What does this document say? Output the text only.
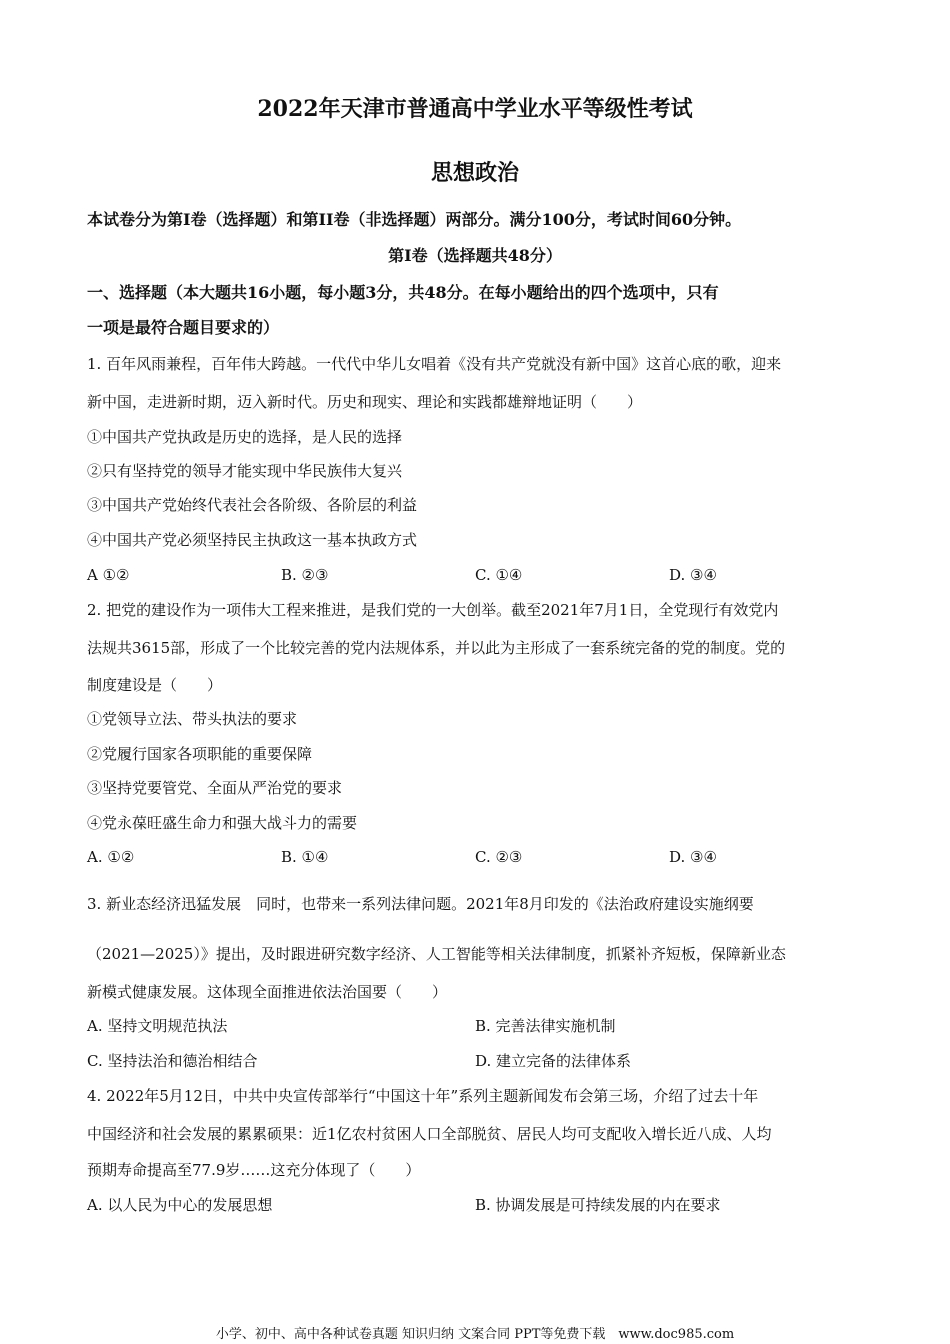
2022年天津市普通高中学业水平等级性考试
思想政治
本试卷分为第Ⅰ卷（选择题）和第II卷（非选择题）两部分。满分100分，考试时间60分钟。
第Ⅰ卷（选择题共48分）
一、选择题（本大题共16小题，每小题3分，共48分。在每小题给出的四个选项中，只有
一项是最符合题目要求的）
1. 百年风雨兼程，百年伟大跨越。一代代中华儿女唱着《没有共产党就没有新中国》这首心底的歌，迎来
新中国，走进新时期，迈入新时代。历史和现实、理论和实践都雄辩地证明（　　）
①中国共产党执政是历史的选择，是人民的选择
②只有坚持党的领导才能实现中华民族伟大复兴
③中国共产党始终代表社会各阶级、各阶层的利益
④中国共产党必须坚持民主执政这一基本执政方式
A ①②	B. ②③	C. ①④	D. ③④
2. 把党的建设作为一项伟大工程来推进，是我们党的一大创举。截至2021年7月1日，全党现行有效党内
法规共3615部，形成了一个比较完善的党内法规体系，并以此为主形成了一套系统完备的党的制度。党的
制度建设是（　　）
①党领导立法、带头执法的要求
②党履行国家各项职能的重要保障
③坚持党要管党、全面从严治党的要求
④党永葆旺盛生命力和强大战斗力的需要
A. ①②	B. ①④	C. ②③	D. ③④
3. 新业态经济迅猛发展　同时，也带来一系列法律问题。2021年8月印发的《法治政府建设实施纲要
（2021—2025）》提出，及时跟进研究数字经济、人工智能等相关法律制度，抓紧补齐短板，保障新业态
新模式健康发展。这体现全面推进依法治国要（　　）
A. 坚持文明规范执法	B. 完善法律实施机制
C. 坚持法治和德治相结合	D. 建立完备的法律体系
4. 2022年5月12日，中共中央宣传部举行“中国这十年”系列主题新闻发布会第三场，介绍了过去十年
中国经济和社会发展的累累硕果：近1亿农村贫困人口全部脱贫、居民人均可支配收入增长近八成、人均
预期寿命提高至77.9岁……这充分体现了（　　）
A. 以人民为中心的发展思想	B. 协调发展是可持续发展的内在要求
小学、初中、高中各种试卷真题 知识归纳 文案合同 PPT等免费下载　www.doc985.com
